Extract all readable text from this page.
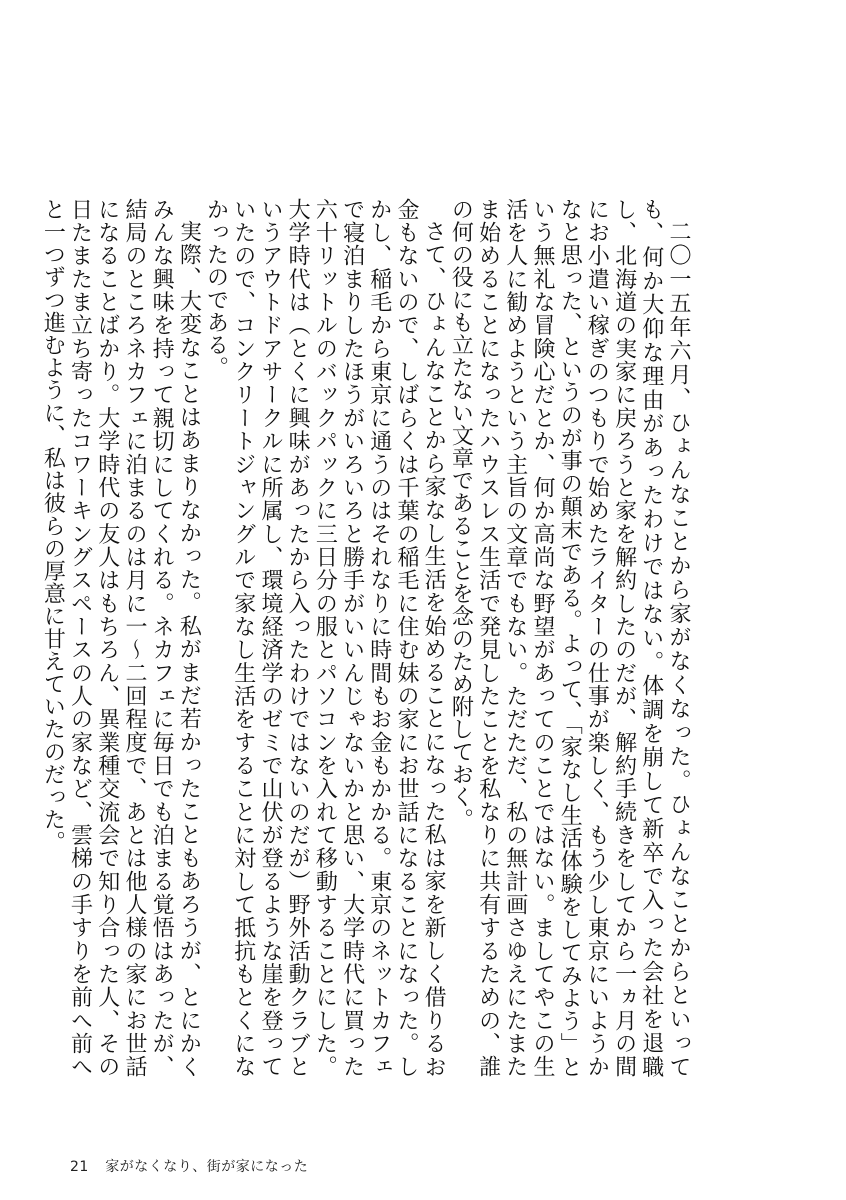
二〇一五年六月、ひょんなことから家がなくなった。ひょんなことからといっても、何か大仰な理由があったわけではない。体調を崩して新卒で入った会社を退職し、北海道の実家に戻ろうと家を解約したのだが、解約手続きをしてから一ヵ月の間にお小遣い稼ぎのつもりで始めたライターの仕事が楽しく、もう少し東京にいようかなと思った、というのが事の顛末である。よって、「家なし生活体験をしてみよう」という無礼な冒険心だとか、何か高尚な野望があってのことではない。ましてやこの生活を人に勧めようという主旨の文章でもない。ただただ、私の無計画さゆえにたまたま始めることになったハウスレス生活で発見したことを私なりに共有するための、誰の何の役にも立たない文章であることを念のため附しておく。

さて、ひょんなことから家なし生活を始めることになった私は家を新しく借りるお金もないので、しばらくは千葉の稲毛に住む妹の家にお世話になることになった。しかし、稲毛から東京に通うのはそれなりに時間もお金もかかる。東京のネットカフェで寝泊まりしたほうがいろいろと勝手がいいんじゃないかと思い、大学時代に買った六十リットルのバックパックに三日分の服とパソコンを入れて移動することにした。大学時代は（とくに興味があったから入ったわけではないのだが）野外活動クラブというアウトドアサークルに所属し、環境経済学のゼミで山伏が登るような崖を登っていたので、コンクリートジャングルで家なし生活をすることに対して抵抗もとくになかったのである。

実際、大変なことはあまりなかった。私がまだ若かったこともあろうが、とにかくみんな興味を持って親切にしてくれる。ネカフェに毎日でも泊まる覚悟はあったが、結局のところネカフェに泊まるのは月に一～二回程度で、あとは他人様の家にお世話になることばかり。大学時代の友人はもちろん、異業種交流会で知り合った人、その日たまたま立ち寄ったコワーキングスペースの人の家など、雲梯の手すりを前へ前へと一つずつ進むように、私は彼らの厚意に甘えていたのだった。

21 家がなくなり、街が家になった
